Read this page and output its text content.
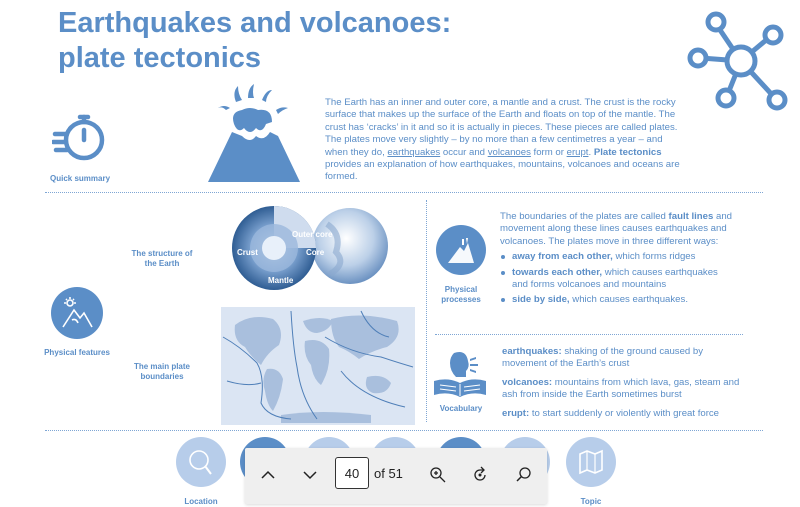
Earthquakes and volcanoes:
plate tectonics
Quick summary
The Earth has an inner and outer core, a mantle and a crust. The crust is the rocky surface that makes up the surface of the Earth and floats on top of the mantle. The crust has ‘cracks’ in it and so it is actually in pieces. These pieces are called plates. The plates move very slightly – by no more than a few centimetres a year – and when they do, earthquakes occur and volcanoes form or erupt. Plate tectonics provides an explanation of how earthquakes, mountains, volcanoes and oceans are formed.
Physical features
The structure of the Earth
The main plate boundaries
Outer core
Core
Crust
Mantle
Physical processes
The boundaries of the plates are called fault lines and movement along these lines causes earthquakes and volcanoes. The plates move in three different ways:
away from each other, which forms ridges
towards each other, which causes earthquakes and forms volcanoes and mountains
side by side, which causes earthquakes.
Vocabulary

earthquakes: shaking of the ground caused by movement of the Earth’s crust

volcanoes: mountains from which lava, gas, steam and ash from inside the Earth sometimes burst

erupt: to start suddenly or violently with great force

Location	Topic
40
of 51
